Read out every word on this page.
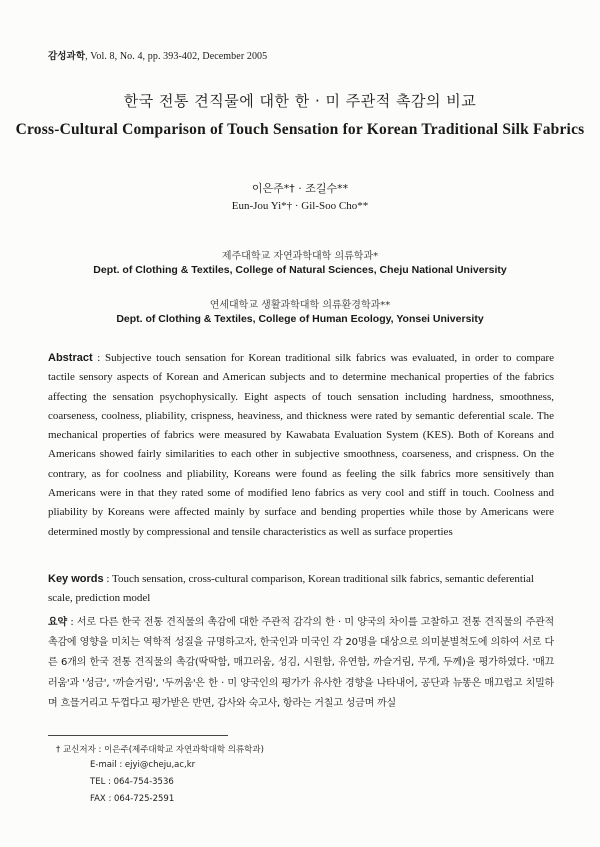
감성과학, Vol. 8, No. 4, pp. 393-402, December 2005
한국 전통 견직물에 대한 한 · 미 주관적 촉감의 비교
Cross-Cultural Comparison of Touch Sensation for Korean Traditional Silk Fabrics
이은주*† · 조길수**
Eun-Jou Yi*† · Gil-Soo Cho**
제주대학교 자연과학대학 의류학과*
Dept. of Clothing & Textiles, College of Natural Sciences, Cheju National University
연세대학교 생활과학대학 의류환경학과**
Dept. of Clothing & Textiles, College of Human Ecology, Yonsei University
Abstract : Subjective touch sensation for Korean traditional silk fabrics was evaluated, in order to compare tactile sensory aspects of Korean and American subjects and to determine mechanical properties of the fabrics affecting the sensation psychophysically. Eight aspects of touch sensation including hardness, smoothness, coarseness, coolness, pliability, crispness, heaviness, and thickness were rated by semantic deferential scale. The mechanical properties of fabrics were measured by Kawabata Evaluation System (KES). Both of Koreans and Americans showed fairly similarities to each other in subjective smoothness, coarseness, and crispness. On the contrary, as for coolness and pliability, Koreans were found as feeling the silk fabrics more sensitively than Americans were in that they rated some of modified leno fabrics as very cool and stiff in touch. Coolness and pliability by Koreans were affected mainly by surface and bending properties while those by Americans were determined mostly by compressional and tensile characteristics as well as surface properties
Key words : Touch sensation, cross-cultural comparison, Korean traditional silk fabrics, semantic deferential scale, prediction model
요약 : 서로 다른 한국 전통 견직물의 촉감에 대한 주관적 감각의 한 · 미 양국의 차이를 고찰하고 전통 견직물의 주관적 촉감에 영향을 미치는 역학적 성질을 규명하고자, 한국인과 미국인 각 20명을 대상으로 의미분별척도에 의하여 서로 다른 6개의 한국 전통 견직물의 촉감(딱딱함, 매끄러움, 성김, 시원함, 유연함, 까슬거림, 무게, 두께)을 평가하였다. '매끄러움'과 '성금', '까슬거림', '두꺼움'은 한 · 미 양국인의 평가가 유사한 경향을 나타내어, 공단과 뉴똥은 매끄럽고 치밀하며 흐믈거리고 두껍다고 평가받은 반면, 갑사와 숙고사, 항라는 거칠고 성금며 까실
† 교신저자 : 이은주(제주대학교 자연과학대학 의류학과)
E-mail : ejyi@cheju,ac,kr
TEL : 064-754-3536
FAX : 064-725-2591
